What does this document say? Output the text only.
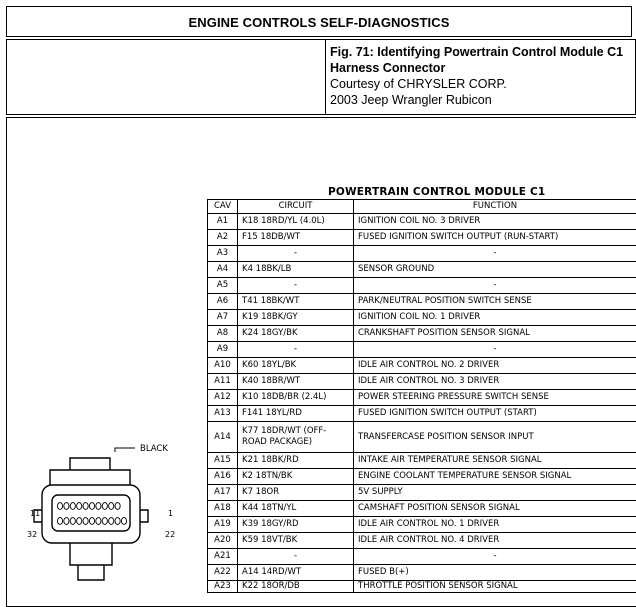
ENGINE CONTROLS SELF-DIAGNOSTICS
Fig. 71: Identifying Powertrain Control Module C1
Harness Connector
Courtesy of CHRYSLER CORP.
2003 Jeep Wrangler Rubicon
POWERTRAIN CONTROL MODULE C1
CAV	CIRCUIT	FUNCTION
A1	K18 18RD/YL (4.0L)	IGNITION COIL NO. 3 DRIVER
A2	F15 18DB/WT	FUSED IGNITION SWITCH OUTPUT (RUN-START)
A3	-	-
A4	K4 18BK/LB	SENSOR GROUND
A5	-	-
A6	T41 18BK/WT	PARK/NEUTRAL POSITION SWITCH SENSE
A7	K19 18BK/GY	IGNITION COIL NO. 1 DRIVER
A8	K24 18GY/BK	CRANKSHAFT POSITION SENSOR SIGNAL
A9	-	-
A10	K60 18YL/BK	IDLE AIR CONTROL NO. 2 DRIVER
A11	K40 18BR/WT	IDLE AIR CONTROL NO. 3 DRIVER
A12	K10 18DB/BR (2.4L)	POWER STEERING PRESSURE SWITCH SENSE
A13	F141 18YL/RD	FUSED IGNITION SWITCH OUTPUT (START)
A14	K77 18DR/WT (OFF-ROAD PACKAGE)	TRANSFERCASE POSITION SENSOR INPUT
A15	K21 18BK/RD	INTAKE AIR TEMPERATURE SENSOR SIGNAL
A16	K2 18TN/BK	ENGINE COOLANT TEMPERATURE SENSOR SIGNAL
A17	K7 18OR	5V SUPPLY
A18	K44 18TN/YL	CAMSHAFT POSITION SENSOR SIGNAL
A19	K39 18GY/RD	IDLE AIR CONTROL NO. 1 DRIVER
A20	K59 18VT/BK	IDLE AIR CONTROL NO. 4 DRIVER
A21	-	-
A22	A14 14RD/WT	FUSED B(+)
A23	K22 18OR/DB	THROTTLE POSITION SENSOR SIGNAL
BLACK
11	1
32	22
